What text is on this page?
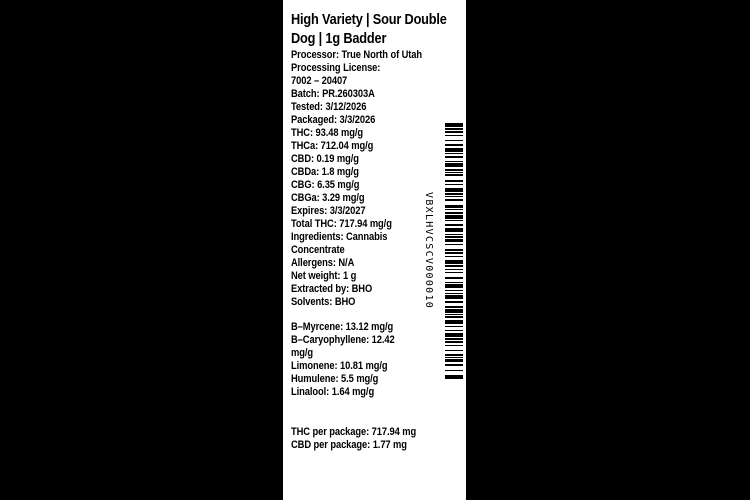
High Variety | Sour Double
Dog | 1g Badder
Processor: True North of Utah
Processing License:
7002 – 20407
Batch: PR.260303A
Tested: 3/12/2026
Packaged: 3/3/2026
THC: 93.48 mg/g
THCa: 712.04 mg/g
CBD: 0.19 mg/g
CBDa: 1.8 mg/g
CBG: 6.35 mg/g
CBGa: 3.29 mg/g
Expires: 3/3/2027
Total THC: 717.94 mg/g
Ingredients: Cannabis
Concentrate
Allergens: N/A
Net weight: 1 g
Extracted by: BHO
Solvents: BHO
B–Myrcene: 13.12 mg/g
B–Caryophyllene: 12.42
mg/g
Limonene: 10.81 mg/g
Humulene: 5.5 mg/g
Linalool: 1.64 mg/g
THC per package: 717.94 mg
CBD per package: 1.77 mg
VBXLHVCSCV000010
